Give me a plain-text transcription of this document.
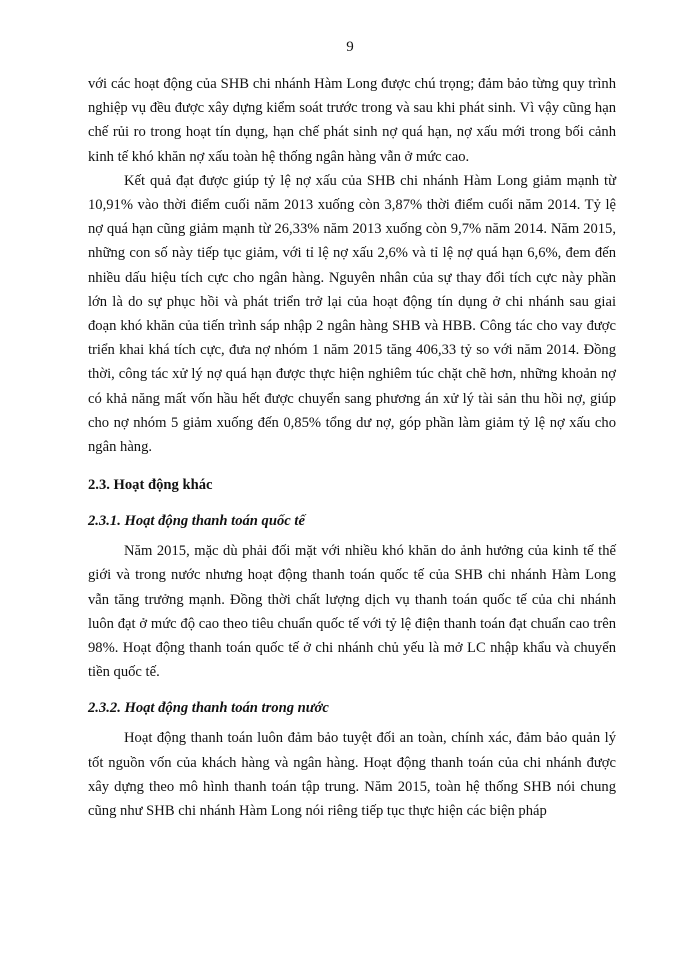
9

với các hoạt động của SHB chi nhánh Hàm Long được chú trọng; đảm bảo từng quy trình nghiệp vụ đều được xây dựng kiểm soát trước trong và sau khi phát sinh. Vì vậy cũng hạn chế rủi ro trong hoạt tín dụng, hạn chế phát sinh nợ quá hạn, nợ xấu mới trong bối cảnh kinh tế khó khăn nợ xấu toàn hệ thống ngân hàng vẫn ở mức cao.

Kết quả đạt được giúp tỷ lệ nợ xấu của SHB chi nhánh Hàm Long giảm mạnh từ 10,91% vào thời điểm cuối năm 2013 xuống còn 3,87% thời điểm cuối năm 2014. Tỷ lệ nợ quá hạn cũng giảm mạnh từ 26,33% năm 2013 xuống còn 9,7% năm 2014. Năm 2015, những con số này tiếp tục giảm, với tỉ lệ nợ xấu 2,6% và tỉ lệ nợ quá hạn 6,6%, đem đến nhiều dấu hiệu tích cực cho ngân hàng. Nguyên nhân của sự thay đổi tích cực này phần lớn là do sự phục hồi và phát triển trở lại của hoạt động tín dụng ở chi nhánh sau giai đoạn khó khăn của tiến trình sáp nhập 2 ngân hàng SHB và HBB. Công tác cho vay được triển khai khá tích cực, đưa nợ nhóm 1 năm 2015 tăng 406,33 tỷ so với năm 2014. Đồng thời, công tác xử lý nợ quá hạn được thực hiện nghiêm túc chặt chẽ hơn, những khoản nợ có khả năng mất vốn hầu hết được chuyển sang phương án xử lý tài sản thu hồi nợ, giúp cho nợ nhóm 5 giảm xuống đến 0,85% tổng dư nợ, góp phần làm giảm tỷ lệ nợ xấu cho ngân hàng.

2.3. Hoạt động khác
2.3.1. Hoạt động thanh toán quốc tế

Năm 2015, mặc dù phải đối mặt với nhiều khó khăn do ảnh hưởng của kinh tế thế giới và trong nước nhưng hoạt động thanh toán quốc tế của SHB chi nhánh Hàm Long vẫn tăng trưởng mạnh. Đồng thời chất lượng dịch vụ thanh toán quốc tế của chi nhánh luôn đạt ở mức độ cao theo tiêu chuẩn quốc tế với tỷ lệ điện thanh toán đạt chuẩn cao trên 98%. Hoạt động thanh toán quốc tế ở chi nhánh chủ yếu là mở LC nhập khẩu và chuyển tiền quốc tế.

2.3.2. Hoạt động thanh toán trong nước

Hoạt động thanh toán luôn đảm bảo tuyệt đối an toàn, chính xác, đảm bảo quản lý tốt nguồn vốn của khách hàng và ngân hàng. Hoạt động thanh toán của chi nhánh được xây dựng theo mô hình thanh toán tập trung. Năm 2015, toàn hệ thống SHB nói chung cũng như SHB chi nhánh Hàm Long nói riêng tiếp tục thực hiện các biện pháp
